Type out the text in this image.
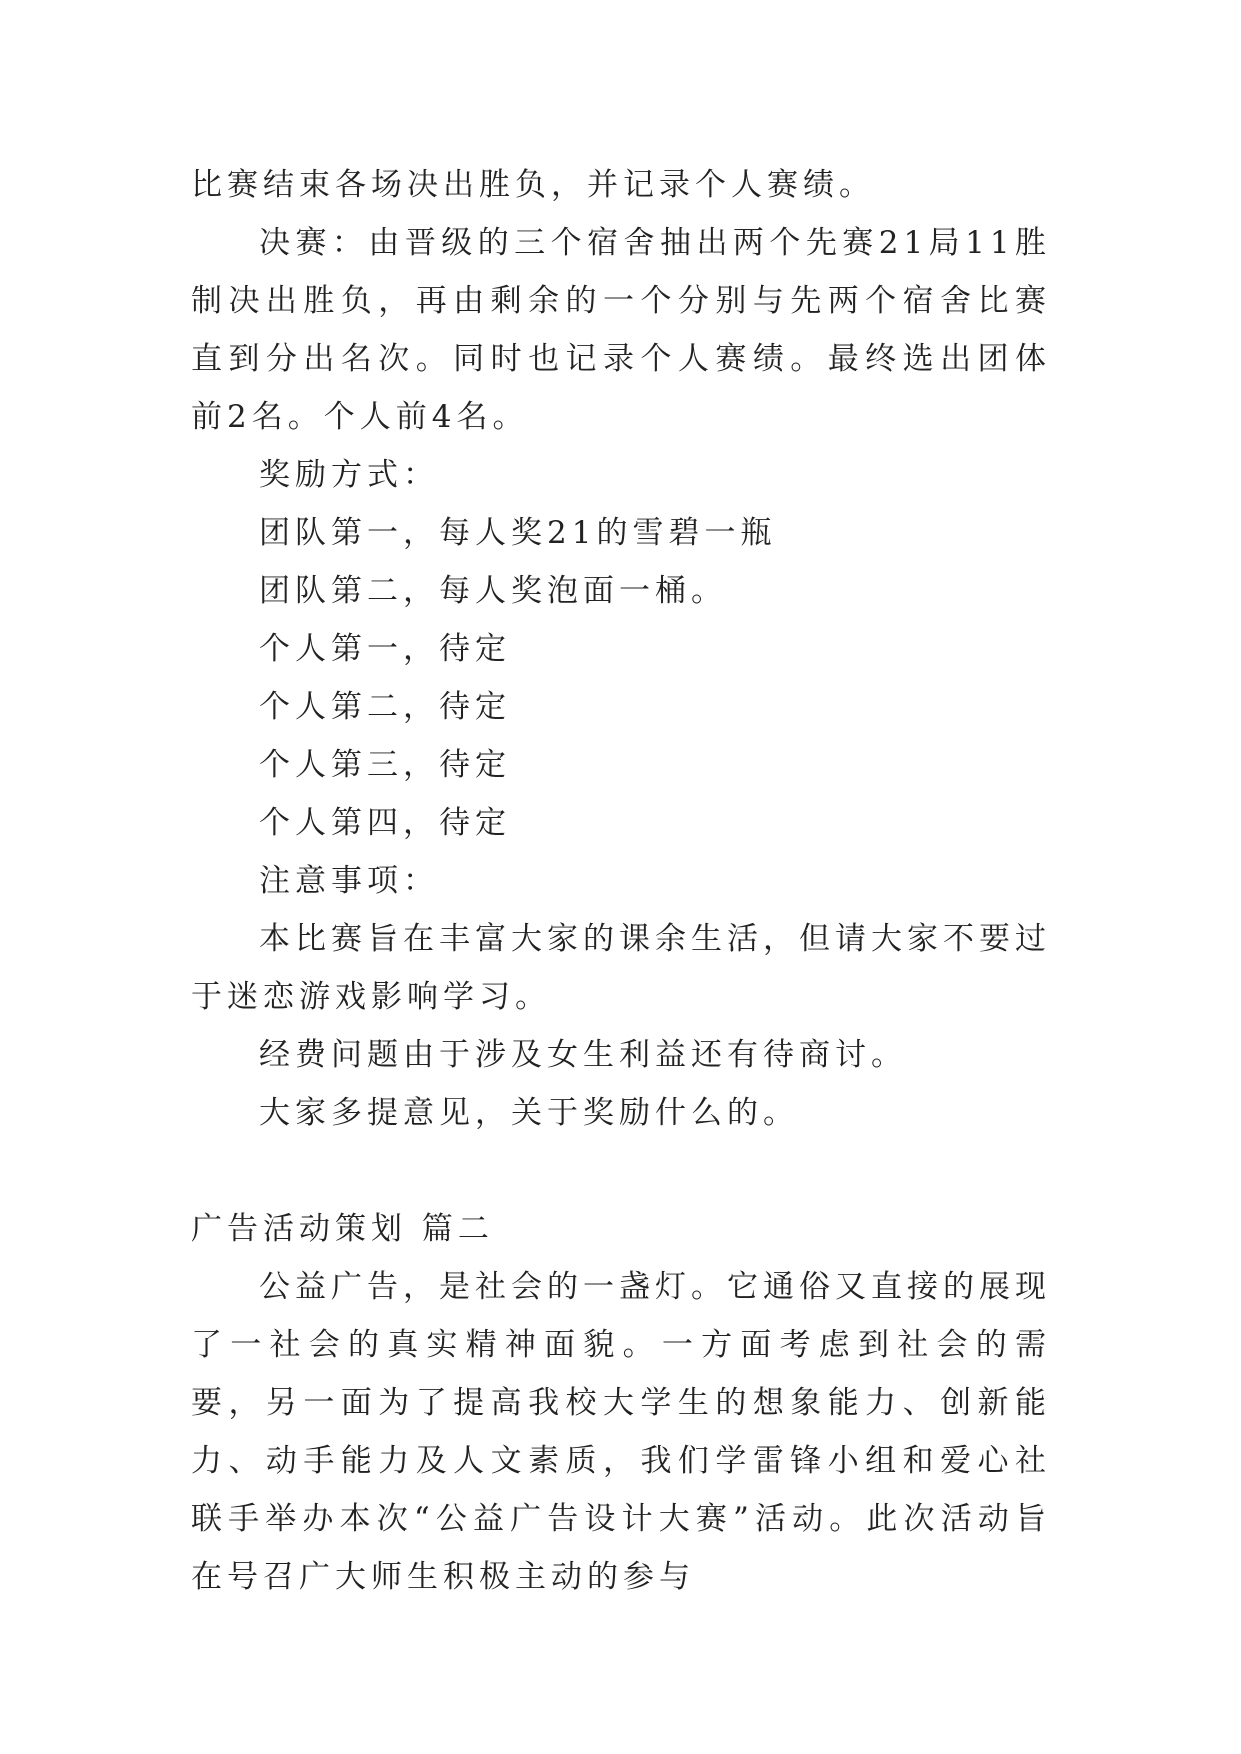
比赛结束各场决出胜负，并记录个人赛绩。

决赛：由晋级的三个宿舍抽出两个先赛21局11胜制决出胜负，再由剩余的一个分别与先两个宿舍比赛直到分出名次。同时也记录个人赛绩。最终选出团体前2名。个人前4名。

奖励方式：

团队第一，每人奖21的雪碧一瓶

团队第二，每人奖泡面一桶。

个人第一，待定

个人第二，待定

个人第三，待定

个人第四，待定

注意事项：

本比赛旨在丰富大家的课余生活，但请大家不要过于迷恋游戏影响学习。

经费问题由于涉及女生利益还有待商讨。

大家多提意见，关于奖励什么的。

广告活动策划 篇二

公益广告，是社会的一盏灯。它通俗又直接的展现了一社会的真实精神面貌。一方面考虑到社会的需要，另一面为了提高我校大学生的想象能力、创新能力、动手能力及人文素质，我们学雷锋小组和爱心社联手举办本次“公益广告设计大赛”活动。此次活动旨在号召广大师生积极主动的参与
